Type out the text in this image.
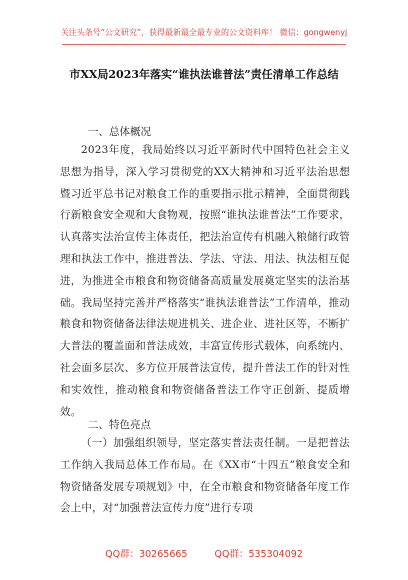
关注头条号“公文研究”，获得最新最全最专业的公文资料库！ 微信：gongwenyj
市XX局2023年落实“谁执法谁普法”责任清单工作总结
一、总体概况
2023年度，我局始终以习近平新时代中国特色社会主义思想为指导，深入学习贯彻党的XX大精神和习近平法治思想暨习近平总书记对粮食工作的重要指示批示精神，全面贯彻践行新粮食安全观和大食物观，按照“谁执法谁普法”工作要求，认真落实法治宣传主体责任，把法治宣传有机融入粮储行政管理和执法工作中，推进普法、学法、守法、用法、执法相互促进，为推进全市粮食和物资储备高质量发展奠定坚实的法治基础。我局坚持完善并严格落实“谁执法谁普法”工作清单，推动粮食和物资储备法律法规进机关、进企业、进社区等，不断扩大普法的覆盖面和普法成效，丰富宣传形式载体，向系统内、社会面多层次、多方位开展普法宣传，提升普法工作的针对性和实效性，推动粮食和物资储备普法工作守正创新、提质增效。
二、特色亮点
（一）加强组织领导，坚定落实普法责任制。一是把普法工作纳入我局总体工作布局。在《XX市“十四五”粮食安全和物资储备发展专项规划》中，在全市粮食和物资储备年度工作会上中，对“加强普法宣传力度”进行专项
QQ群：30265665	QQ群：535304092
